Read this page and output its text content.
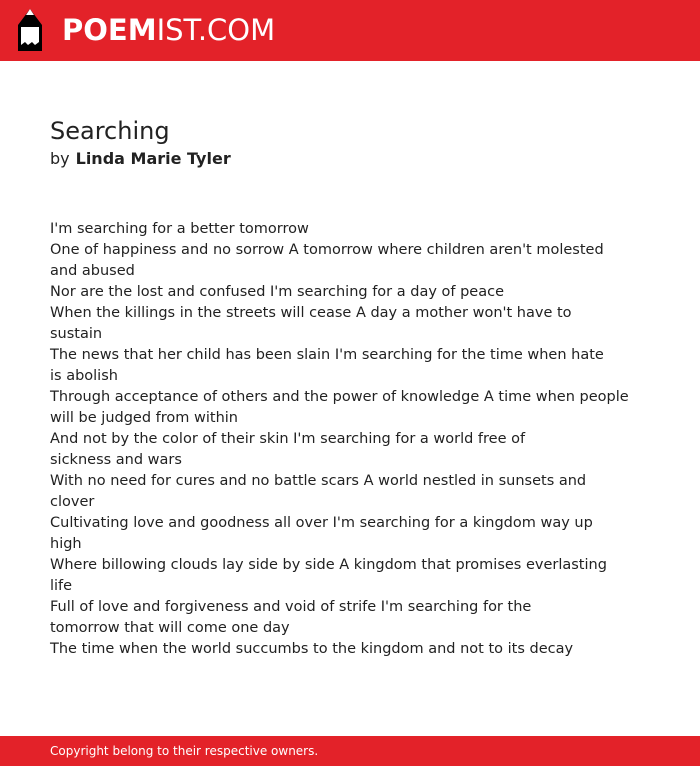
POEMIST.COM
Searching
by Linda Marie Tyler
I'm searching for a better tomorrow
One of happiness and no sorrow A tomorrow where children aren't molested
and abused
Nor are the lost and confused I'm searching for a day of peace
When the killings in the streets will cease A day a mother won't have to
sustain
The news that her child has been slain I'm searching for the time when hate
is abolish
Through acceptance of others and the power of knowledge A time when people
will be judged from within
And not by the color of their skin I'm searching for a world free of
sickness and wars
With no need for cures and no battle scars A world nestled in sunsets and
clover
Cultivating love and goodness all over I'm searching for a kingdom way up
high
Where billowing clouds lay side by side A kingdom that promises everlasting
life
Full of love and forgiveness and void of strife I'm searching for the
tomorrow that will come one day
The time when the world succumbs to the kingdom and not to its decay
Copyright belong to their respective owners.
